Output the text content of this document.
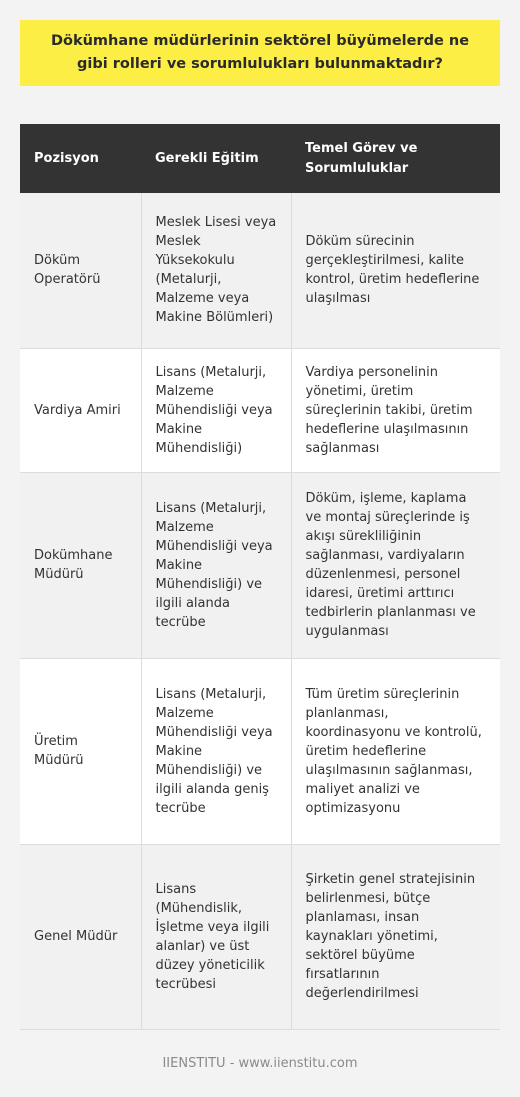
Dökümhane müdürlerinin sektörel büyümelerde ne gibi rolleri ve sorumlulukları bulunmaktadır?
Pozisyon	Gerekli Eğitim	Temel Görev ve Sorumluluklar
Döküm Operatörü	Meslek Lisesi veya Meslek Yüksekokulu (Metalurji, Malzeme veya Makine Bölümleri)	Döküm sürecinin gerçekleştirilmesi, kalite kontrol, üretim hedeflerine ulaşılması
Vardiya Amiri	Lisans (Metalurji, Malzeme Mühendisliği veya Makine Mühendisliği)	Vardiya personelinin yönetimi, üretim süreçlerinin takibi, üretim hedeflerine ulaşılmasının sağlanması
Dokümhane Müdürü	Lisans (Metalurji, Malzeme Mühendisliği veya Makine Mühendisliği) ve ilgili alanda tecrübe	Döküm, işleme, kaplama ve montaj süreçlerinde iş akışı sürekliliğinin sağlanması, vardiyaların düzenlenmesi, personel idaresi, üretimi arttırıcı tedbirlerin planlanması ve uygulanması
Üretim Müdürü	Lisans (Metalurji, Malzeme Mühendisliği veya Makine Mühendisliği) ve ilgili alanda geniş tecrübe	Tüm üretim süreçlerinin planlanması, koordinasyonu ve kontrolü, üretim hedeflerine ulaşılmasının sağlanması, maliyet analizi ve optimizasyonu
Genel Müdür	Lisans (Mühendislik, İşletme veya ilgili alanlar) ve üst düzey yöneticilik tecrübesi	Şirketin genel stratejisinin belirlenmesi, bütçe planlaması, insan kaynakları yönetimi, sektörel büyüme fırsatlarının değerlendirilmesi
IIENSTITU - www.iienstitu.com
